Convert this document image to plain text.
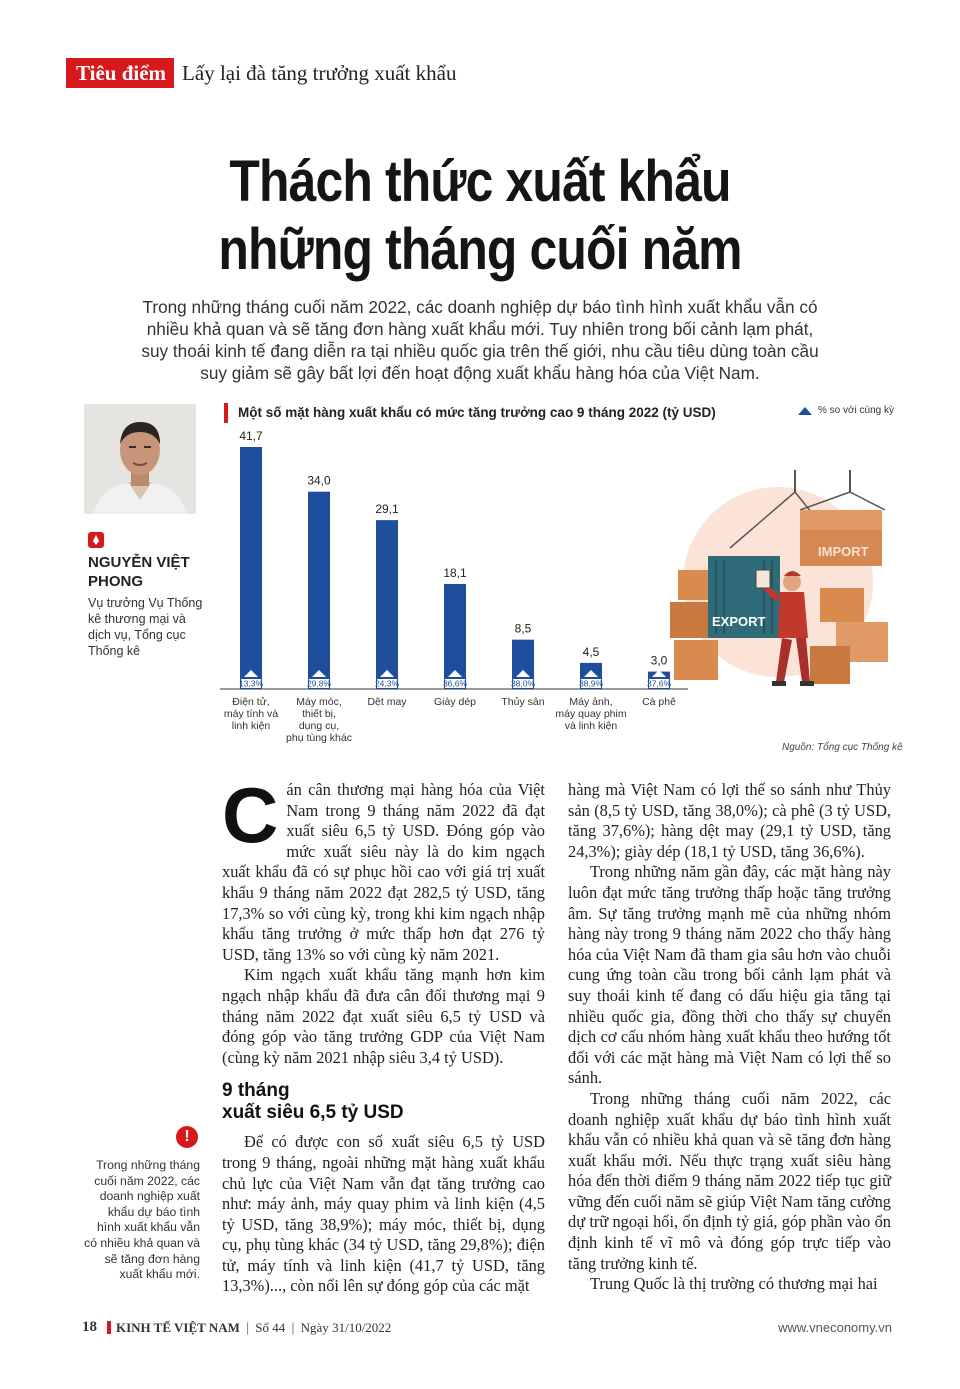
Tiêu điểm Lấy lại đà tăng trưởng xuất khẩu
Thách thức xuất khẩu
những tháng cuối năm
Trong những tháng cuối năm 2022, các doanh nghiệp dự báo tình hình xuất khẩu vẫn có nhiều khả quan và sẽ tăng đơn hàng xuất khẩu mới. Tuy nhiên trong bối cảnh lạm phát, suy thoái kinh tế đang diễn ra tại nhiều quốc gia trên thế giới, nhu cầu tiêu dùng toàn cầu suy giảm sẽ gây bất lợi đến hoạt động xuất khẩu hàng hóa của Việt Nam.
NGUYỄN VIỆT
PHONG
Vụ trưởng Vụ Thống kê thương mại và dịch vụ, Tổng cục Thống kê
Một số mặt hàng xuất khẩu có mức tăng trưởng cao 9 tháng 2022 (tỷ USD)	% so với cùng kỳ
41,7
13,3%
Điện tử,
máy tính và
linh kiện
34,0
29,8%
Máy móc,
thiết bị,
dụng cụ,
phụ tùng khác
29,1
24,3%
Dệt may
18,1
36,6%
Giày dép
8,5
38,0%
Thủy sản
4,5
38,9%
Máy ảnh,
máy quay phim
và linh kiện
3,0
37,6%
Cà phê
EXPORT
IMPORT
Nguồn: Tổng cục Thống kê

Cán cân thương mại hàng hóa của Việt Nam trong 9 tháng năm 2022 đã đạt xuất siêu 6,5 tỷ USD. Đóng góp vào mức xuất siêu này là do kim ngạch xuất khẩu đã có sự phục hồi cao với giá trị xuất khẩu 9 tháng năm 2022 đạt 282,5 tỷ USD, tăng 17,3% so với cùng kỳ, trong khi kim ngạch nhập khẩu tăng trưởng ở mức thấp hơn đạt 276 tỷ USD, tăng 13% so với cùng kỳ năm 2021.

Kim ngạch xuất khẩu tăng mạnh hơn kim ngạch nhập khẩu đã đưa cân đối thương mại 9 tháng năm 2022 đạt xuất siêu 6,5 tỷ USD và đóng góp vào tăng trưởng GDP của Việt Nam (cùng kỳ năm 2021 nhập siêu 3,4 tỷ USD).

9 tháng
xuất siêu 6,5 tỷ USD

Để có được con số xuất siêu 6,5 tỷ USD trong 9 tháng, ngoài những mặt hàng xuất khẩu chủ lực của Việt Nam vẫn đạt tăng trưởng cao như: máy ảnh, máy quay phim và linh kiện (4,5 tỷ USD, tăng 38,9%); máy móc, thiết bị, dụng cụ, phụ tùng khác (34 tỷ USD, tăng 29,8%); điện tử, máy tính và linh kiện (41,7 tỷ USD, tăng 13,3%)..., còn nổi lên sự đóng góp của các mặt

hàng mà Việt Nam có lợi thế so sánh như Thủy sản (8,5 tỷ USD, tăng 38,0%); cà phê (3 tỷ USD, tăng 37,6%); hàng dệt may (29,1 tỷ USD, tăng 24,3%); giày dép (18,1 tỷ USD, tăng 36,6%).

Trong những năm gần đây, các mặt hàng này luôn đạt mức tăng trưởng thấp hoặc tăng trưởng âm. Sự tăng trưởng mạnh mẽ của những nhóm hàng này trong 9 tháng năm 2022 cho thấy hàng hóa của Việt Nam đã tham gia sâu hơn vào chuỗi cung ứng toàn cầu trong bối cảnh lạm phát và suy thoái kinh tế đang có dấu hiệu gia tăng tại nhiều quốc gia, đồng thời cho thấy sự chuyển dịch cơ cấu nhóm hàng xuất khẩu theo hướng tốt đối với các mặt hàng mà Việt Nam có lợi thế so sánh.

Trong những tháng cuối năm 2022, các doanh nghiệp xuất khẩu dự báo tình hình xuất khẩu vẫn có nhiều khả quan và sẽ tăng đơn hàng xuất khẩu mới. Nếu thực trạng xuất siêu hàng hóa đến thời điểm 9 tháng năm 2022 tiếp tục giữ vững đến cuối năm sẽ giúp Việt Nam tăng cường dự trữ ngoại hối, ổn định tỷ giá, góp phần vào ổn định kinh tế vĩ mô và đóng góp trực tiếp vào tăng trưởng kinh tế.

Trung Quốc là thị trường có thương mại hai

!
Trong những tháng cuối năm 2022, các doanh nghiệp xuất khẩu dự báo tình hình xuất khẩu vẫn có nhiều khả quan và sẽ tăng đơn hàng xuất khẩu mới.
18 KINH TẾ VIỆT NAM | Số 44 | Ngày 31/10/2022	www.vneconomy.vn
